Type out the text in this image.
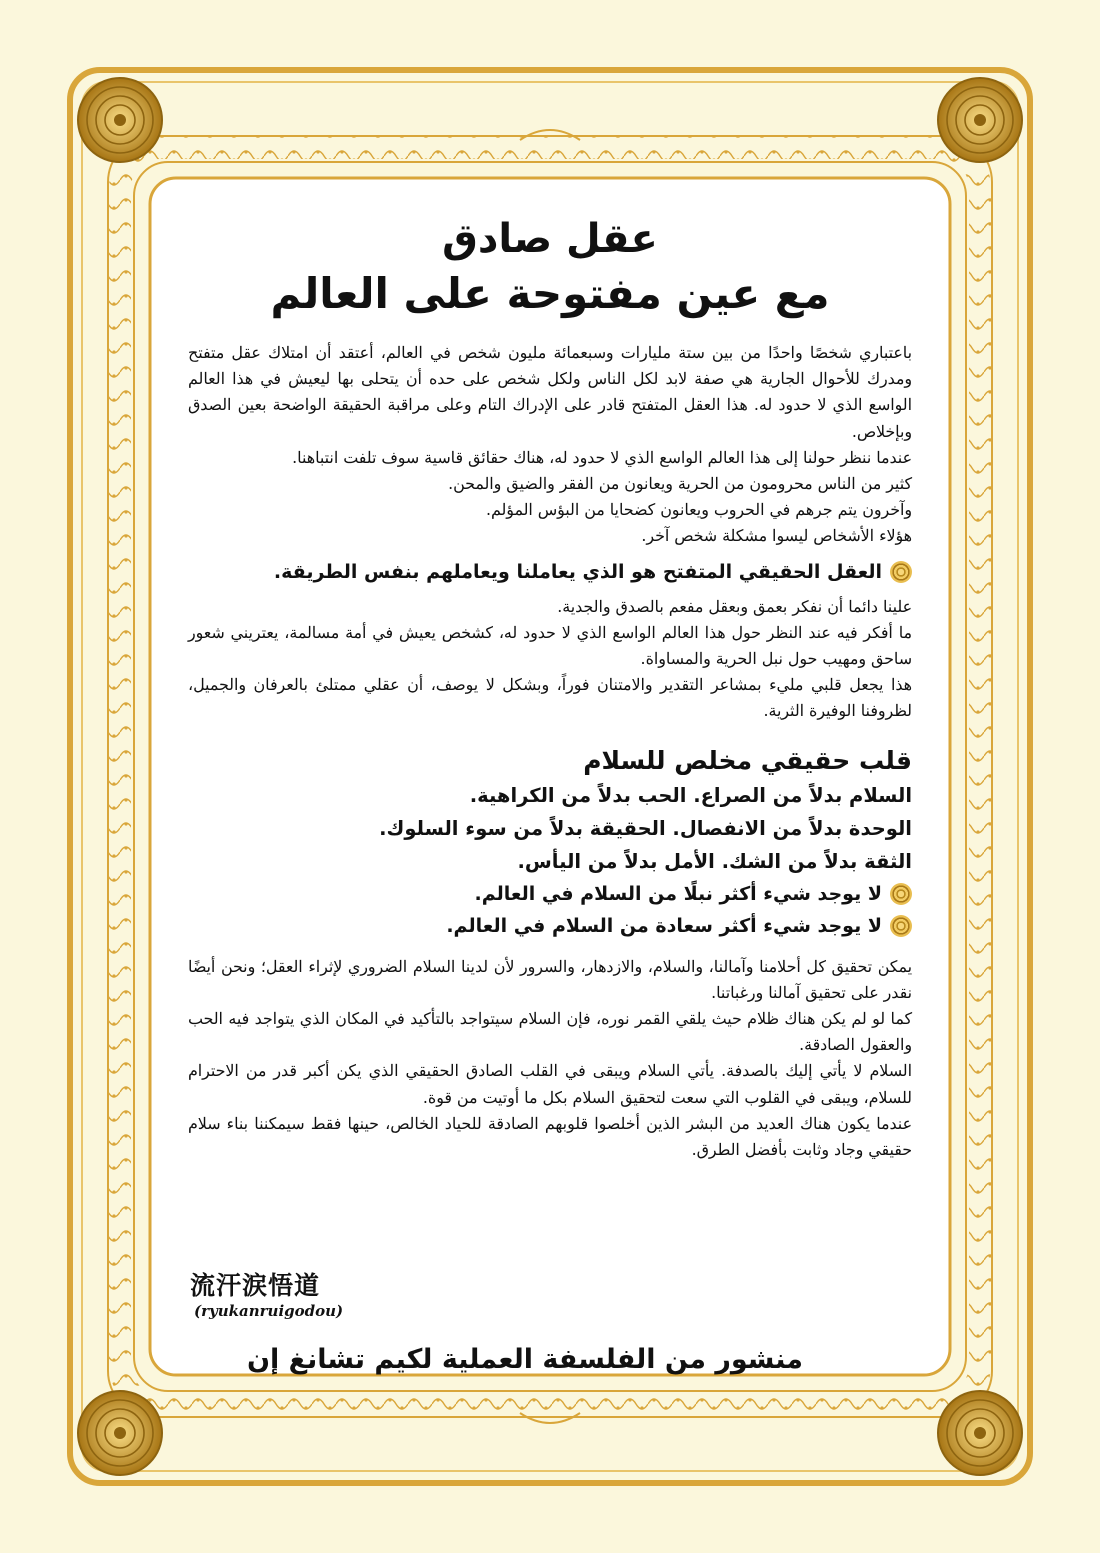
عقل صادق
مع عين مفتوحة على العالم

باعتباري شخصًا واحدًا من بين ستة مليارات وسبعمائة مليون شخص في العالم، أعتقد أن امتلاك عقل متفتح ومدرك للأحوال الجارية هي صفة لابد لكل الناس ولكل شخص على حده أن يتحلى بها ليعيش في هذا العالم الواسع الذي لا حدود له. هذا العقل المتفتح قادر على الإدراك التام وعلى مراقبة الحقيقة الواضحة بعين الصدق وبإخلاص.

عندما ننظر حولنا إلى هذا العالم الواسع الذي لا حدود له، هناك حقائق قاسية سوف تلفت انتباهنا.

كثير من الناس محرومون من الحرية ويعانون من الفقر والضيق والمحن.

وآخرون يتم جرهم في الحروب ويعانون كضحايا من البؤس المؤلم.

هؤلاء الأشخاص ليسوا مشكلة شخص آخر.

العقل الحقيقي المتفتح هو الذي يعاملنا ويعاملهم بنفس الطريقة.

علينا دائما أن نفكر بعمق وبعقل مفعم بالصدق والجدية.

ما أفكر فيه عند النظر حول هذا العالم الواسع الذي لا حدود له، كشخص يعيش في أمة مسالمة، يعتريني شعور ساحق ومهيب حول نبل الحرية والمساواة.

هذا يجعل قلبي مليء بمشاعر التقدير والامتنان فوراً، وبشكل لا يوصف، أن عقلي ممتلئ بالعرفان والجميل، لظروفنا الوفيرة الثرية.

قلب حقيقي مخلص للسلام

السلام بدلاً من الصراع. الحب بدلاً من الكراهية.

الوحدة بدلاً من الانفصال. الحقيقة بدلاً من سوء السلوك.

الثقة بدلاً من الشك. الأمل بدلاً من اليأس.

لا يوجد شيء أكثر نبلًا من السلام في العالم.
لا يوجد شيء أكثر سعادة من السلام في العالم.

يمكن تحقيق كل أحلامنا وآمالنا، والسلام، والازدهار، والسرور لأن لدينا السلام الضروري لإثراء العقل؛ ونحن أيضًا نقدر على تحقيق آمالنا ورغباتنا.

كما لو لم يكن هناك ظلام حيث يلقي القمر نوره، فإن السلام سيتواجد بالتأكيد في المكان الذي يتواجد فيه الحب والعقول الصادقة.

السلام لا يأتي إليك بالصدفة. يأتي السلام ويبقى في القلب الصادق الحقيقي الذي يكن أكبر قدر من الاحترام للسلام، ويبقى في القلوب التي سعت لتحقيق السلام بكل ما أوتيت من قوة.

عندما يكون هناك العديد من البشر الذين أخلصوا قلوبهم الصادقة للحياد الخالص، حينها فقط سيمكننا بناء سلام حقيقي وجاد وثابت بأفضل الطرق.

流汗涙悟道
(ryukanruigodou)

منشور من الفلسفة العملية لكيم تشانغ إن
